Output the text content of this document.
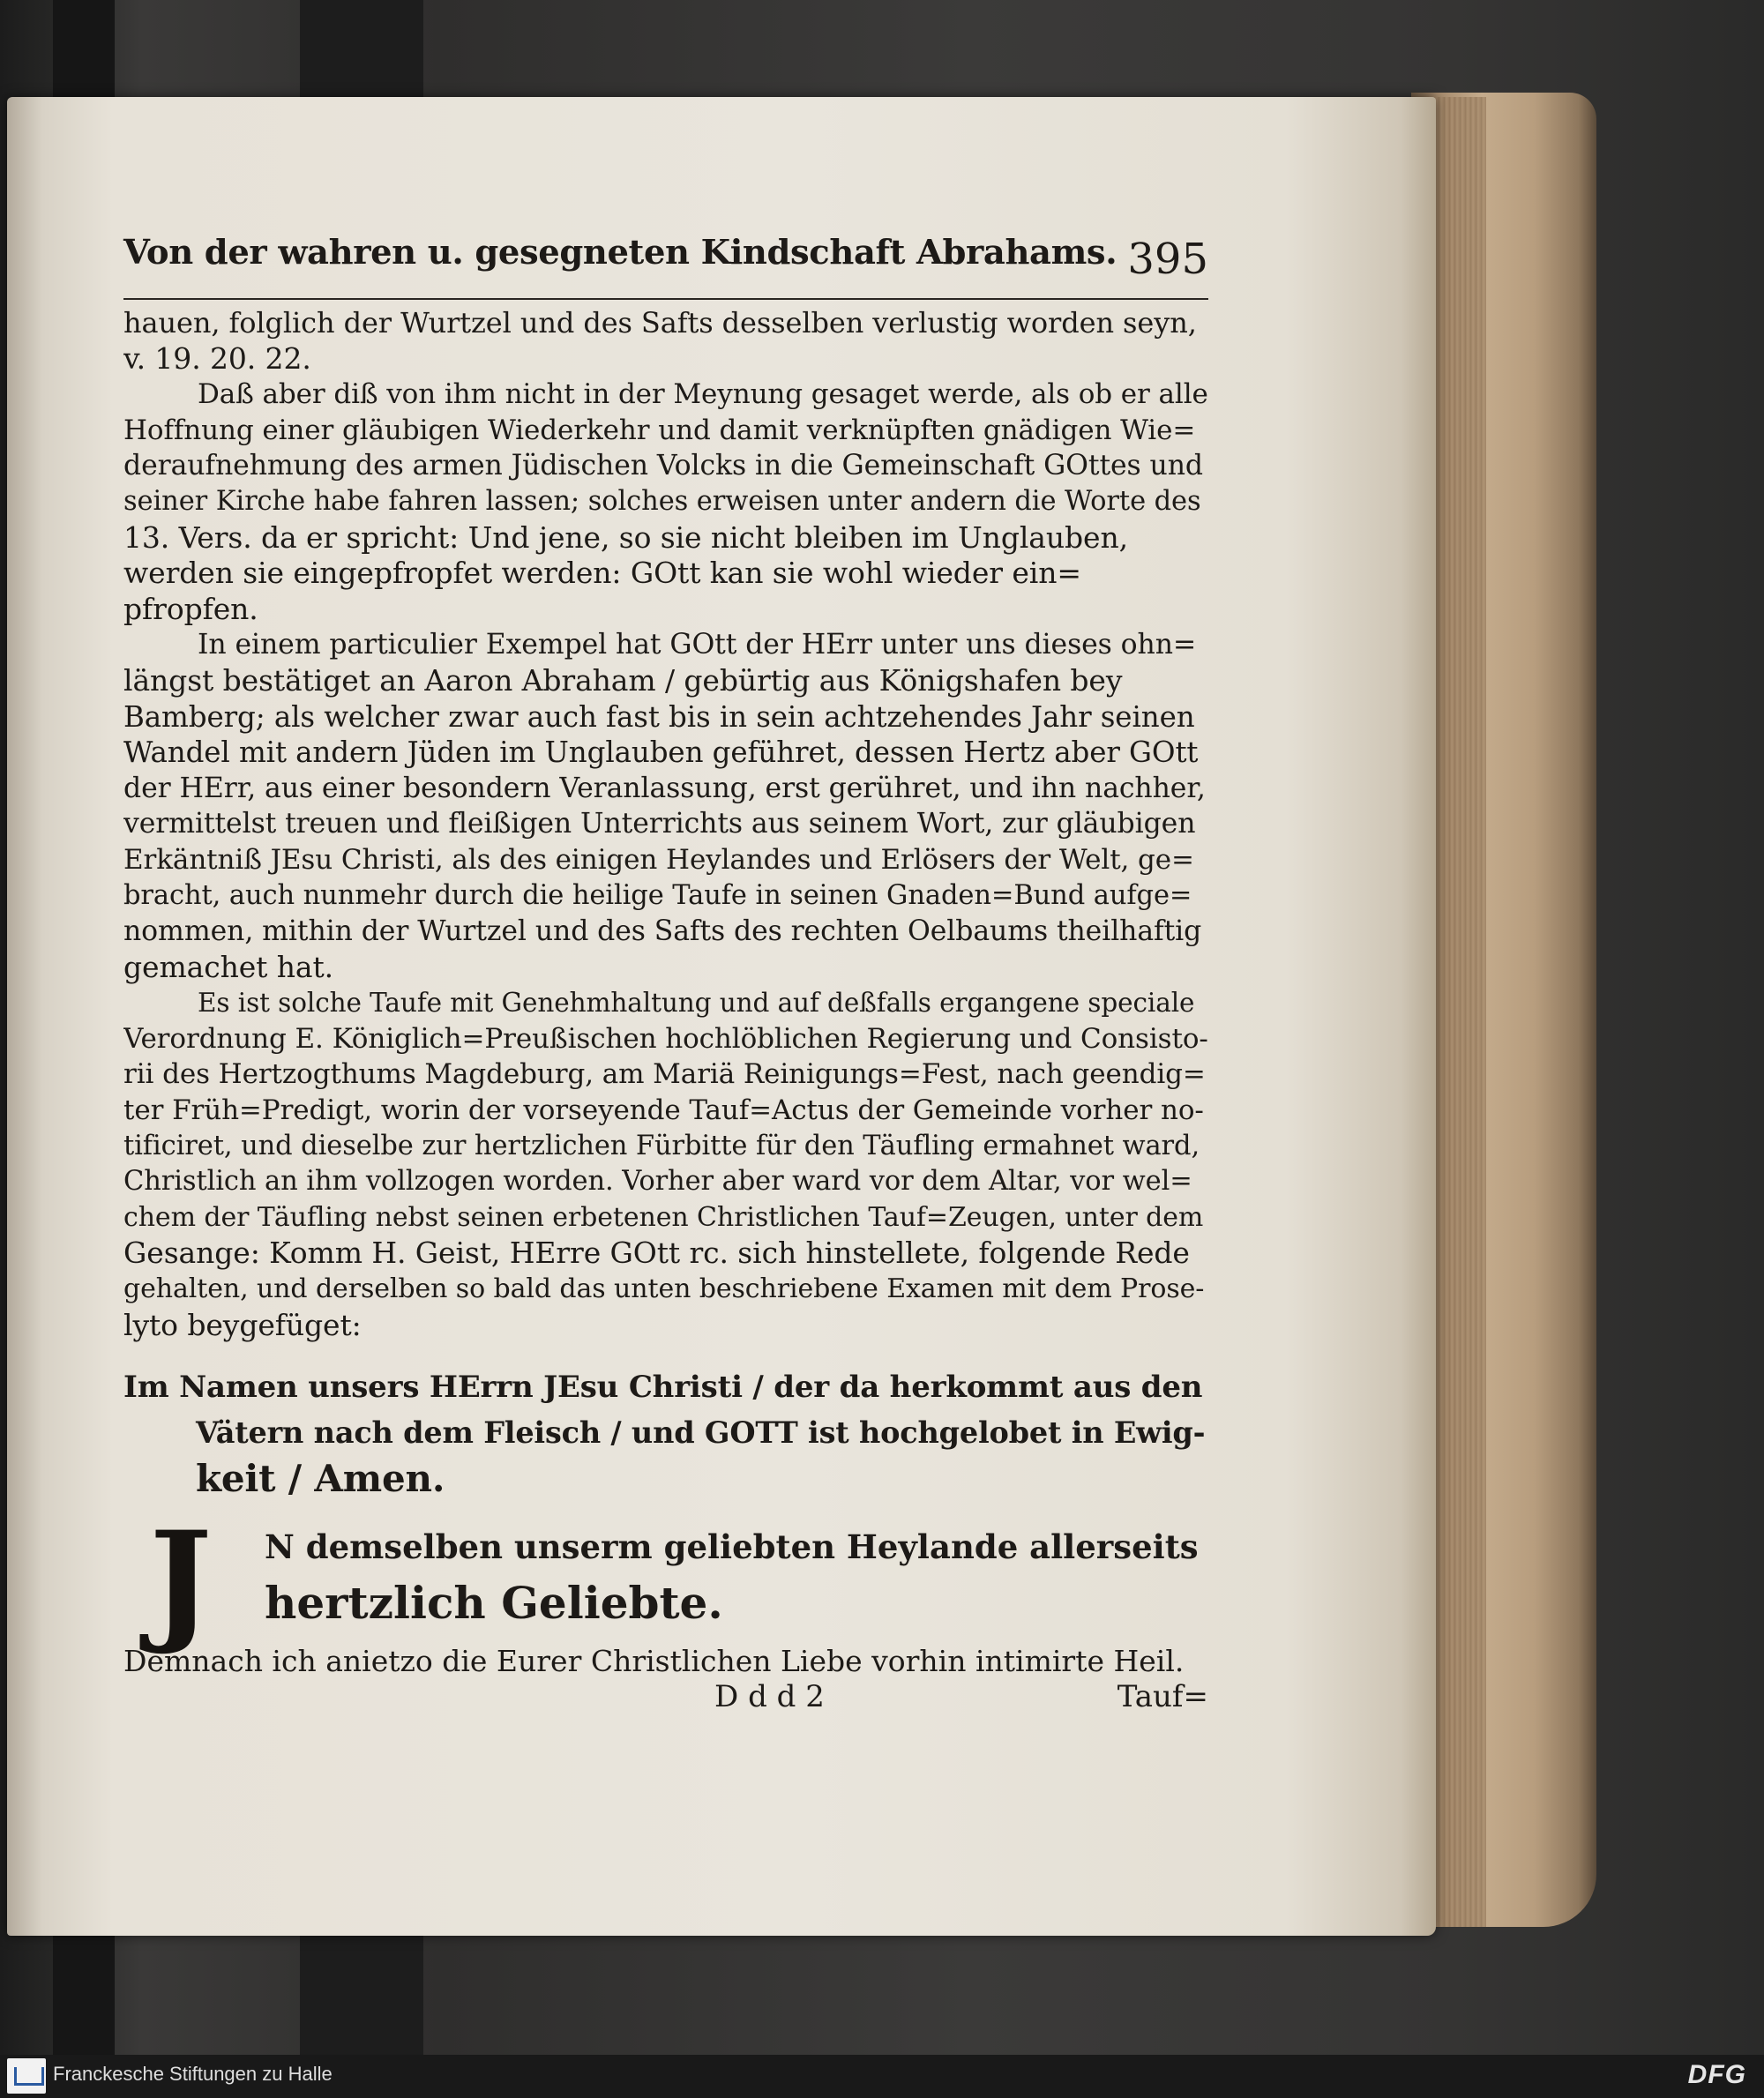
Von der wahren u. gesegneten Kindschaft Abrahams. 395
hauen, folglich der Wurtzel und des Safts desselben verlustig worden seyn,
v. 19. 20. 22.
Daß aber diß von ihm nicht in der Meynung gesaget werde, als ob er alle
Hoffnung einer gläubigen Wiederkehr und damit verknüpften gnädigen Wie=
deraufnehmung des armen Jüdischen Volcks in die Gemeinschaft GOttes und
seiner Kirche habe fahren lassen; solches erweisen unter andern die Worte des
13. Vers. da er spricht: Und jene, so sie nicht bleiben im Unglauben,
werden sie eingepfropfet werden: GOtt kan sie wohl wieder ein=
pfropfen.
In einem particulier Exempel hat GOtt der HErr unter uns dieses ohn=
längst bestätiget an Aaron Abraham / gebürtig aus Königshafen bey
Bamberg; als welcher zwar auch fast bis in sein achtzehendes Jahr seinen
Wandel mit andern Jüden im Unglauben geführet, dessen Hertz aber GOtt
der HErr, aus einer besondern Veranlassung, erst gerühret, und ihn nachher,
vermittelst treuen und fleißigen Unterrichts aus seinem Wort, zur gläubigen
Erkäntniß JEsu Christi, als des einigen Heylandes und Erlösers der Welt, ge=
bracht, auch nunmehr durch die heilige Taufe in seinen Gnaden=Bund aufge=
nommen, mithin der Wurtzel und des Safts des rechten Oelbaums theilhaftig
gemachet hat.
Es ist solche Taufe mit Genehmhaltung und auf deßfalls ergangene speciale
Verordnung E. Königlich=Preußischen hochlöblichen Regierung und Consisto-
rii des Hertzogthums Magdeburg, am Mariä Reinigungs=Fest, nach geendig=
ter Früh=Predigt, worin der vorseyende Tauf=Actus der Gemeinde vorher no-
tificiret, und dieselbe zur hertzlichen Fürbitte für den Täufling ermahnet ward,
Christlich an ihm vollzogen worden. Vorher aber ward vor dem Altar, vor wel=
chem der Täufling nebst seinen erbetenen Christlichen Tauf=Zeugen, unter dem
Gesange: Komm H. Geist, HErre GOtt rc. sich hinstellete, folgende Rede
gehalten, und derselben so bald das unten beschriebene Examen mit dem Prose-
lyto beygefüget:
Im Namen unsers HErrn JEsu Christi / der da herkommt aus den
Vätern nach dem Fleisch / und GOTT ist hochgelobet in Ewig-
keit / Amen.
J	N demselben unserm geliebten Heylande allerseits
hertzlich Geliebte.
Demnach ich anietzo die Eurer Christlichen Liebe vorhin intimirte Heil.
D d d 2	Tauf=
Franckesche Stiftungen zu Halle	DFG
